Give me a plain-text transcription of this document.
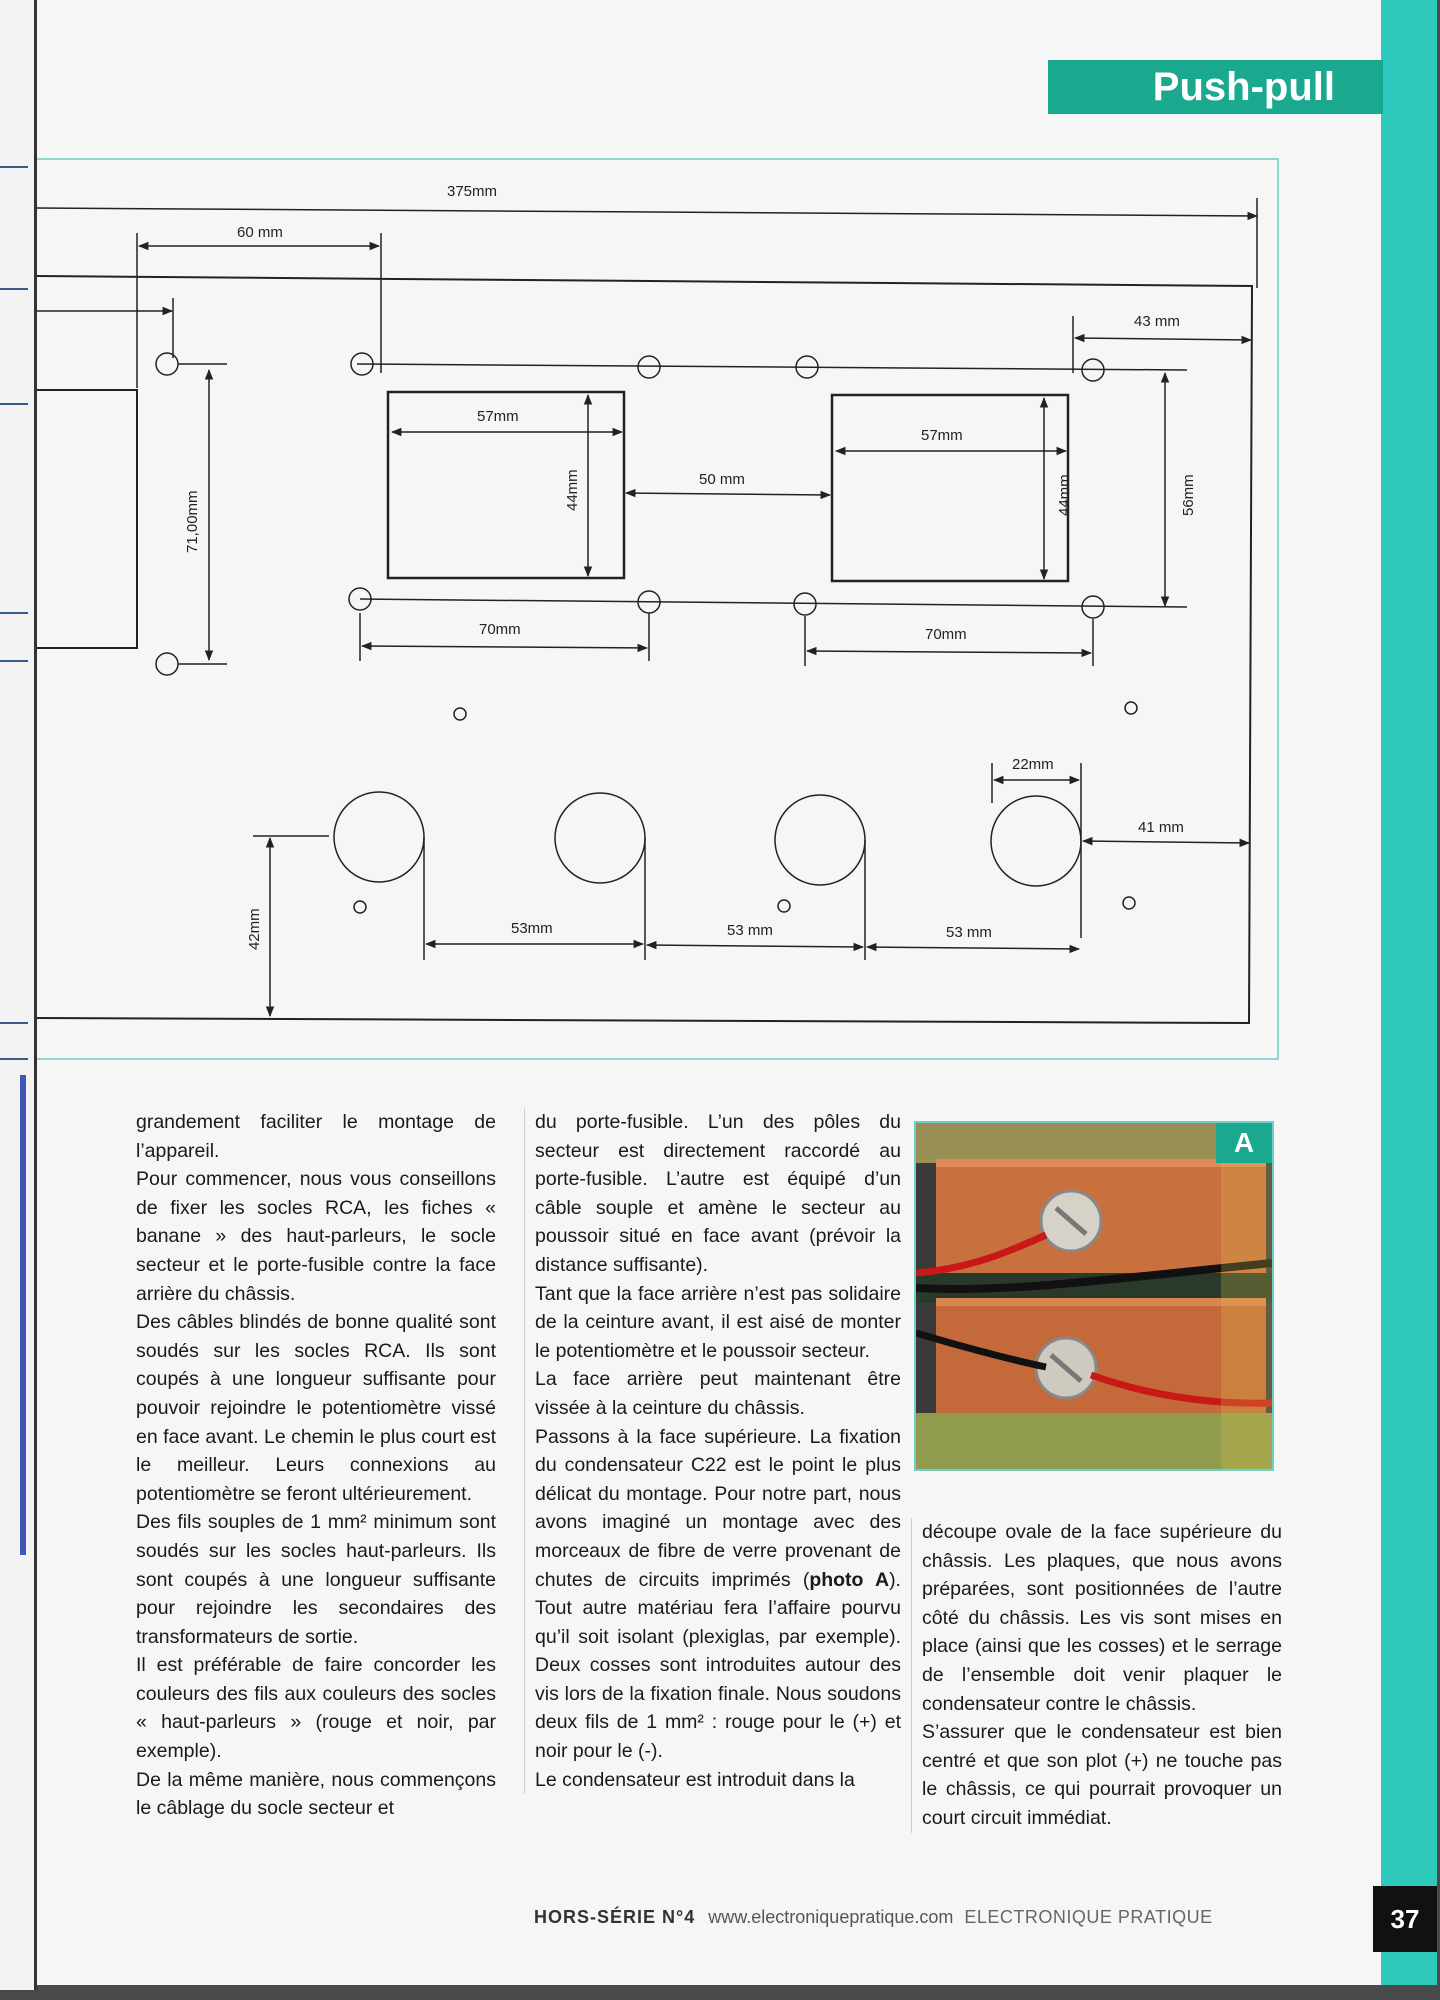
Push-pull
375mm
60 mm
43 mm
71,00mm
57mm
44mm	50 mm
57mm
44mm	56mm
70mm	70mm
22mm
41 mm
42mm	53mm	53 mm	53 mm

grandement faciliter le montage de l’appareil.

Pour commencer, nous vous conseillons de fixer les socles RCA, les fiches « banane » des haut-parleurs, le socle secteur et le porte-fusible contre la face arrière du châssis.

Des câbles blindés de bonne qualité sont soudés sur les socles RCA. Ils sont coupés à une longueur suffisante pour pouvoir rejoindre le potentiomètre vissé en face avant. Le chemin le plus court est le meilleur. Leurs connexions au potentiomètre se feront ultérieurement.

Des fils souples de 1 mm² minimum sont soudés sur les socles haut-parleurs. Ils sont coupés à une longueur suffisante pour rejoindre les secondaires des transformateurs de sortie.

Il est préférable de faire concorder les couleurs des fils aux couleurs des socles « haut-parleurs » (rouge et noir, par exemple).

De la même manière, nous commençons le câblage du socle secteur et

du porte-fusible. L’un des pôles du secteur est directement raccordé au porte-fusible. L’autre est équipé d’un câble souple et amène le secteur au poussoir situé en face avant (prévoir la distance suffisante).

Tant que la face arrière n’est pas solidaire de la ceinture avant, il est aisé de monter le potentiomètre et le poussoir secteur.

La face arrière peut maintenant être vissée à la ceinture du châssis.

Passons à la face supérieure. La fixation du condensateur C22 est le point le plus délicat du montage. Pour notre part, nous avons imaginé un montage avec des morceaux de fibre de verre provenant de chutes de circuits imprimés (photo A). Tout autre matériau fera l’affaire pourvu qu’il soit isolant (plexiglas, par exemple). Deux cosses sont introduites autour des vis lors de la fixation finale. Nous soudons deux fils de 1 mm² : rouge pour le (+) et noir pour le (-).

Le condensateur est introduit dans la

A

découpe ovale de la face supérieure du châssis. Les plaques, que nous avons préparées, sont positionnées de l’autre côté du châssis. Les vis sont mises en place (ainsi que les cosses) et le serrage de l’ensemble doit venir plaquer le condensateur contre le châssis.

S’assurer que le condensateur est bien centré et que son plot (+) ne touche pas le châssis, ce qui pourrait provoquer un court circuit immédiat.

HORS-SÉRIE N°4 www.electroniquepratique.com ELECTRONIQUE PRATIQUE	37
